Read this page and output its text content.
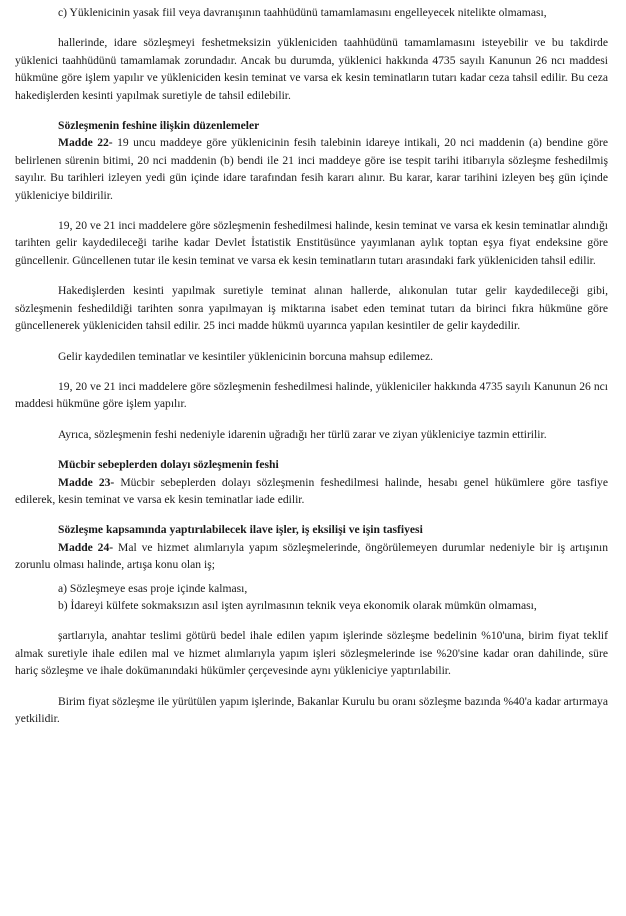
c) Yüklenicinin yasak fiil veya davranışının taahhüdünü tamamlamasını engelleyecek nitelikte olmaması,

hallerinde, idare sözleşmeyi feshetmeksizin yükleniciden taahhüdünü tamamlamasını isteyebilir ve bu takdirde yüklenici taahhüdünü tamamlamak zorundadır. Ancak bu durumda, yüklenici hakkında 4735 sayılı Kanunun 26 ncı maddesi hükmüne göre işlem yapılır ve yükleniciden kesin teminat ve varsa ek kesin teminatların tutarı kadar ceza tahsil edilir. Bu ceza hakedişlerden kesinti yapılmak suretiyle de tahsil edilebilir.

Sözleşmenin feshine ilişkin düzenlemeler

Madde 22- 19 uncu maddeye göre yüklenicinin fesih talebinin idareye intikali, 20 nci maddenin (a) bendine göre belirlenen sürenin bitimi, 20 nci maddenin (b) bendi ile 21 inci maddeye göre ise tespit tarihi itibarıyla sözleşme feshedilmiş sayılır. Bu tarihleri izleyen yedi gün içinde idare tarafından fesih kararı alınır. Bu karar, karar tarihini izleyen beş gün içinde yükleniciye bildirilir.

19, 20 ve 21 inci maddelere göre sözleşmenin feshedilmesi halinde, kesin teminat ve varsa ek kesin teminatlar alındığı tarihten gelir kaydedileceği tarihe kadar Devlet İstatistik Enstitüsünce yayımlanan aylık toptan eşya fiyat endeksine göre güncellenir. Güncellenen tutar ile kesin teminat ve varsa ek kesin teminatların tutarı arasındaki fark yükleniciden tahsil edilir.

Hakedişlerden kesinti yapılmak suretiyle teminat alınan hallerde, alıkonulan tutar gelir kaydedileceği gibi, sözleşmenin feshedildiği tarihten sonra yapılmayan iş miktarına isabet eden teminat tutarı da birinci fıkra hükmüne göre güncellenerek yükleniciden tahsil edilir. 25 inci madde hükmü uyarınca yapılan kesintiler de gelir kaydedilir.

Gelir kaydedilen teminatlar ve kesintiler yüklenicinin borcuna mahsup edilemez.

19, 20 ve 21 inci maddelere göre sözleşmenin feshedilmesi halinde, yükleniciler hakkında 4735 sayılı Kanunun 26 ncı maddesi hükmüne göre işlem yapılır.

Ayrıca, sözleşmenin feshi nedeniyle idarenin uğradığı her türlü zarar ve ziyan yükleniciye tazmin ettirilir.

Mücbir sebeplerden dolayı sözleşmenin feshi

Madde 23- Mücbir sebeplerden dolayı sözleşmenin feshedilmesi halinde, hesabı genel hükümlere göre tasfiye edilerek, kesin teminat ve varsa ek kesin teminatlar iade edilir.

Sözleşme kapsamında yaptırılabilecek ilave işler, iş eksilişi ve işin tasfiyesi

Madde 24- Mal ve hizmet alımlarıyla yapım sözleşmelerinde, öngörülemeyen durumlar nedeniyle bir iş artışının zorunlu olması halinde, artışa konu olan iş;

a) Sözleşmeye esas proje içinde kalması,

b) İdareyi külfete sokmaksızın asıl işten ayrılmasının teknik veya ekonomik olarak mümkün olmaması,

şartlarıyla, anahtar teslimi götürü bedel ihale edilen yapım işlerinde sözleşme bedelinin %10'una, birim fiyat teklif almak suretiyle ihale edilen mal ve hizmet alımlarıyla yapım işleri sözleşmelerinde ise %20'sine kadar oran dahilinde, süre hariç sözleşme ve ihale dokümanındaki hükümler çerçevesinde aynı yükleniciye yaptırılabilir.

Birim fiyat sözleşme ile yürütülen yapım işlerinde, Bakanlar Kurulu bu oranı sözleşme bazında %40'a kadar artırmaya yetkilidir.
